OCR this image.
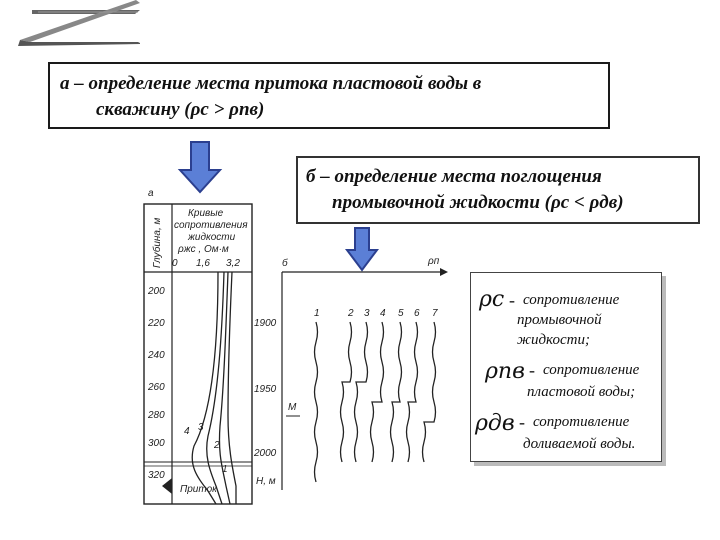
а – определение места притока пластовой воды в
скважину (ρc > ρпв)
б – определение места поглощения
промывочной жидкости (ρc < ρдв)
а
Глубина, м
Кривые
сопротивления
жидкости
ρжс , Ом·м
0 1,6 3,2
200
220
240
260
280
300
320
4 3
2
1
Приток
б	ρп
1900
1950
2000
H, м
М
1	2 3 4 5 6 7
ρc - сопротивление
промывочной
жидкости;
ρпв - сопротивление
пластовой воды;
ρдв - сопротивление
доливаемой воды.
